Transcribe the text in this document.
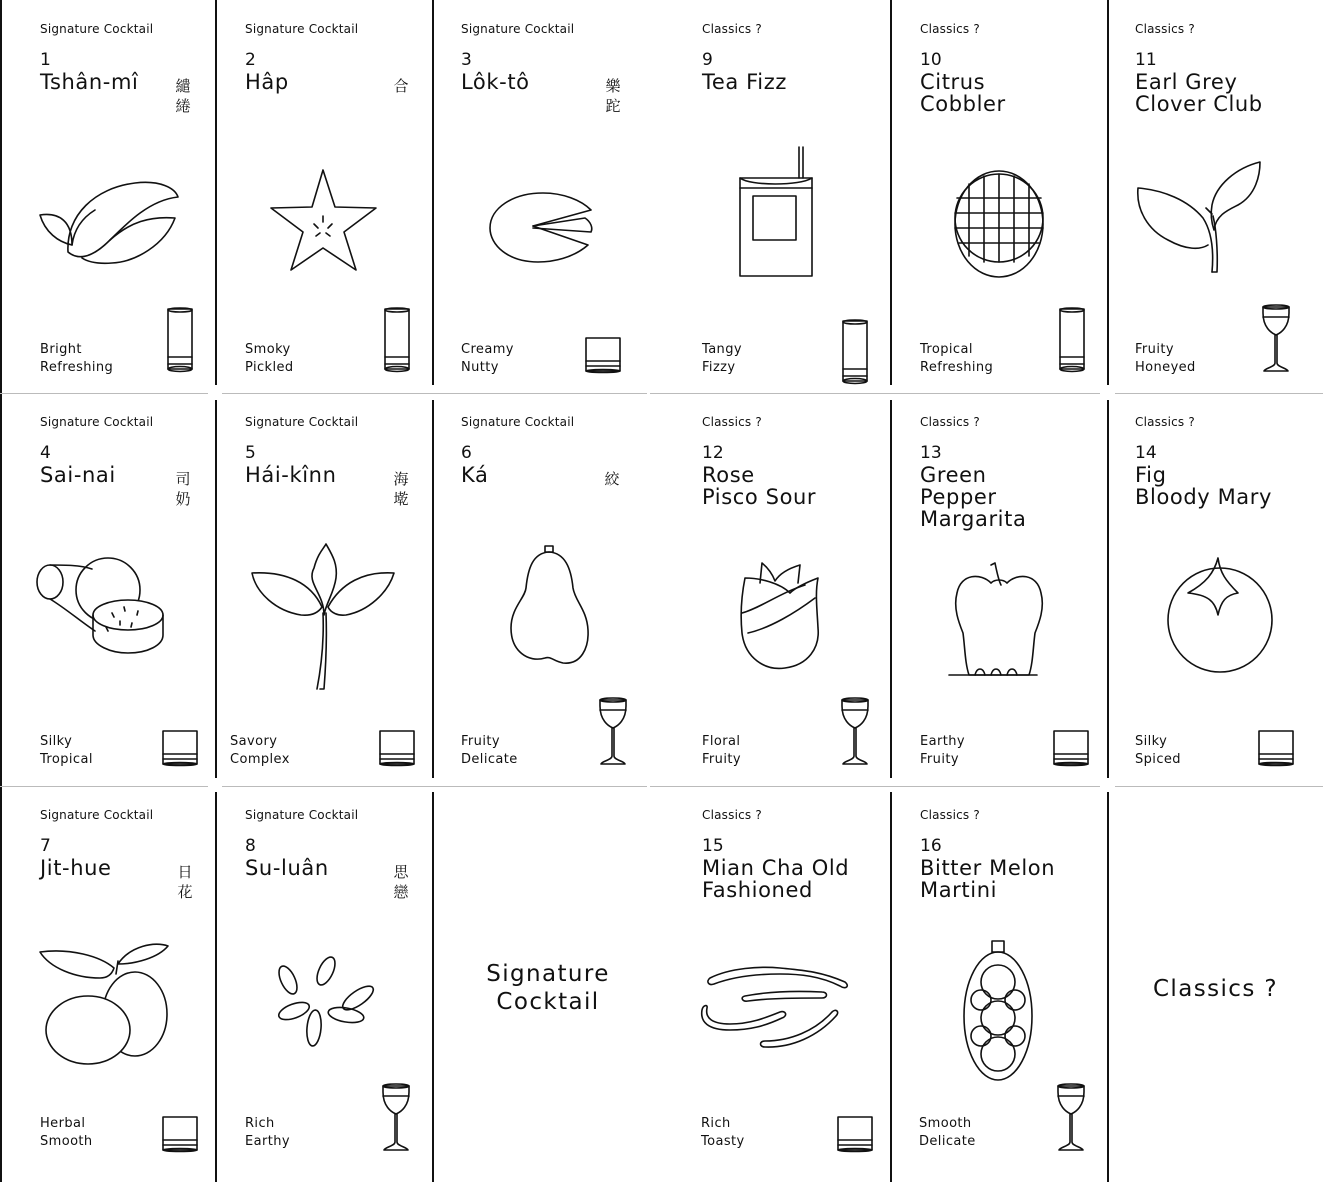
Signature Cocktail
1
Tshân-mî 繾綣
Bright
Refreshing
Signature Cocktail
2
Hâp	合
Smoky
Pickled
Signature Cocktail
3
Lôk-tô	樂跎
Creamy
Nutty
Classics ?
9
Tea Fizz
Tangy
Fizzy
Classics ?
10
Citrus
Cobbler
Tropical
Refreshing
Classics ?
11
Earl Grey
Clover Club
Fruity
Honeyed
Signature Cocktail
4
Sai-nai	司奶
Silky
Tropical
Signature Cocktail
5
Hái-kînn	海墘
Savory
Complex
Signature Cocktail
6
Ká	絞
Fruity
Delicate
Classics ?
12
Rose
Pisco Sour
Floral
Fruity
Classics ?
13
Green
Pepper
Margarita
Earthy
Fruity
Classics ?
14
Fig
Bloody Mary
Silky
Spiced
Signature Cocktail
7
Jit-hue	日花
Herbal
Smooth
Signature Cocktail
8
Su-luân	思戀
Rich
Earthy
Signature
Cocktail
Classics ?
15
Mian Cha Old
Fashioned
Rich
Toasty
Classics ?
16
Bitter Melon
Martini
Smooth
Delicate
Classics ?
